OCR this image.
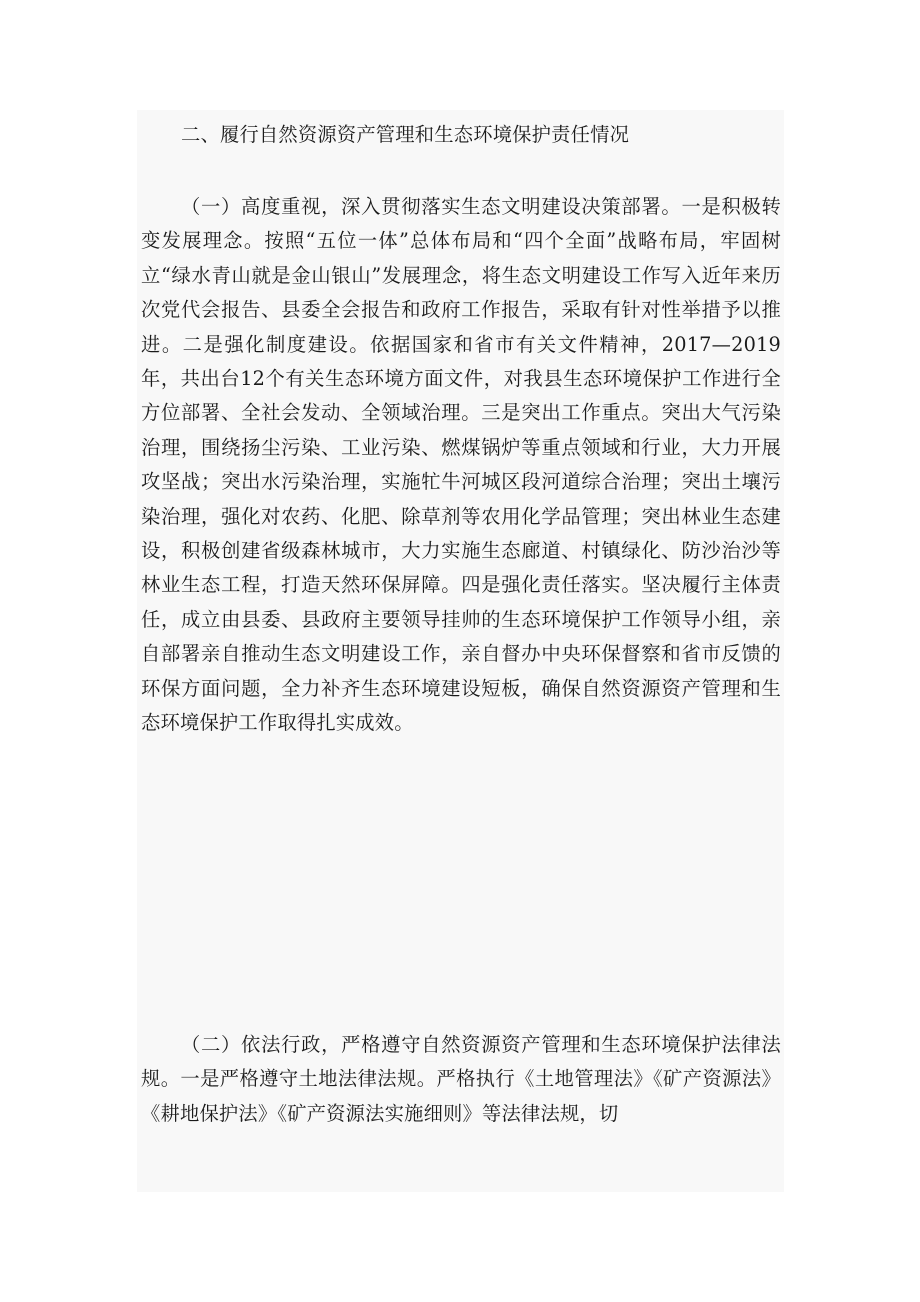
二、履行自然资源资产管理和生态环境保护责任情况

（一）高度重视，深入贯彻落实生态文明建设决策部署。一是积极转变发展理念。按照“五位一体”总体布局和“四个全面”战略布局，牢固树立“绿水青山就是金山银山”发展理念，将生态文明建设工作写入近年来历次党代会报告、县委全会报告和政府工作报告，采取有针对性举措予以推进。二是强化制度建设。依据国家和省市有关文件精神，2017—2019年，共出台12个有关生态环境方面文件，对我县生态环境保护工作进行全方位部署、全社会发动、全领域治理。三是突出工作重点。突出大气污染治理，围绕扬尘污染、工业污染、燃煤锅炉等重点领域和行业，大力开展攻坚战；突出水污染治理，实施牤牛河城区段河道综合治理；突出土壤污染治理，强化对农药、化肥、除草剂等农用化学品管理；突出林业生态建设，积极创建省级森林城市，大力实施生态廊道、村镇绿化、防沙治沙等林业生态工程，打造天然环保屏障。四是强化责任落实。坚决履行主体责任，成立由县委、县政府主要领导挂帅的生态环境保护工作领导小组，亲自部署亲自推动生态文明建设工作，亲自督办中央环保督察和省市反馈的环保方面问题，全力补齐生态环境建设短板，确保自然资源资产管理和生态环境保护工作取得扎实成效。

（二）依法行政，严格遵守自然资源资产管理和生态环境保护法律法规。一是严格遵守土地法律法规。严格执行《土地管理法》《矿产资源法》《耕地保护法》《矿产资源法实施细则》等法律法规，切
